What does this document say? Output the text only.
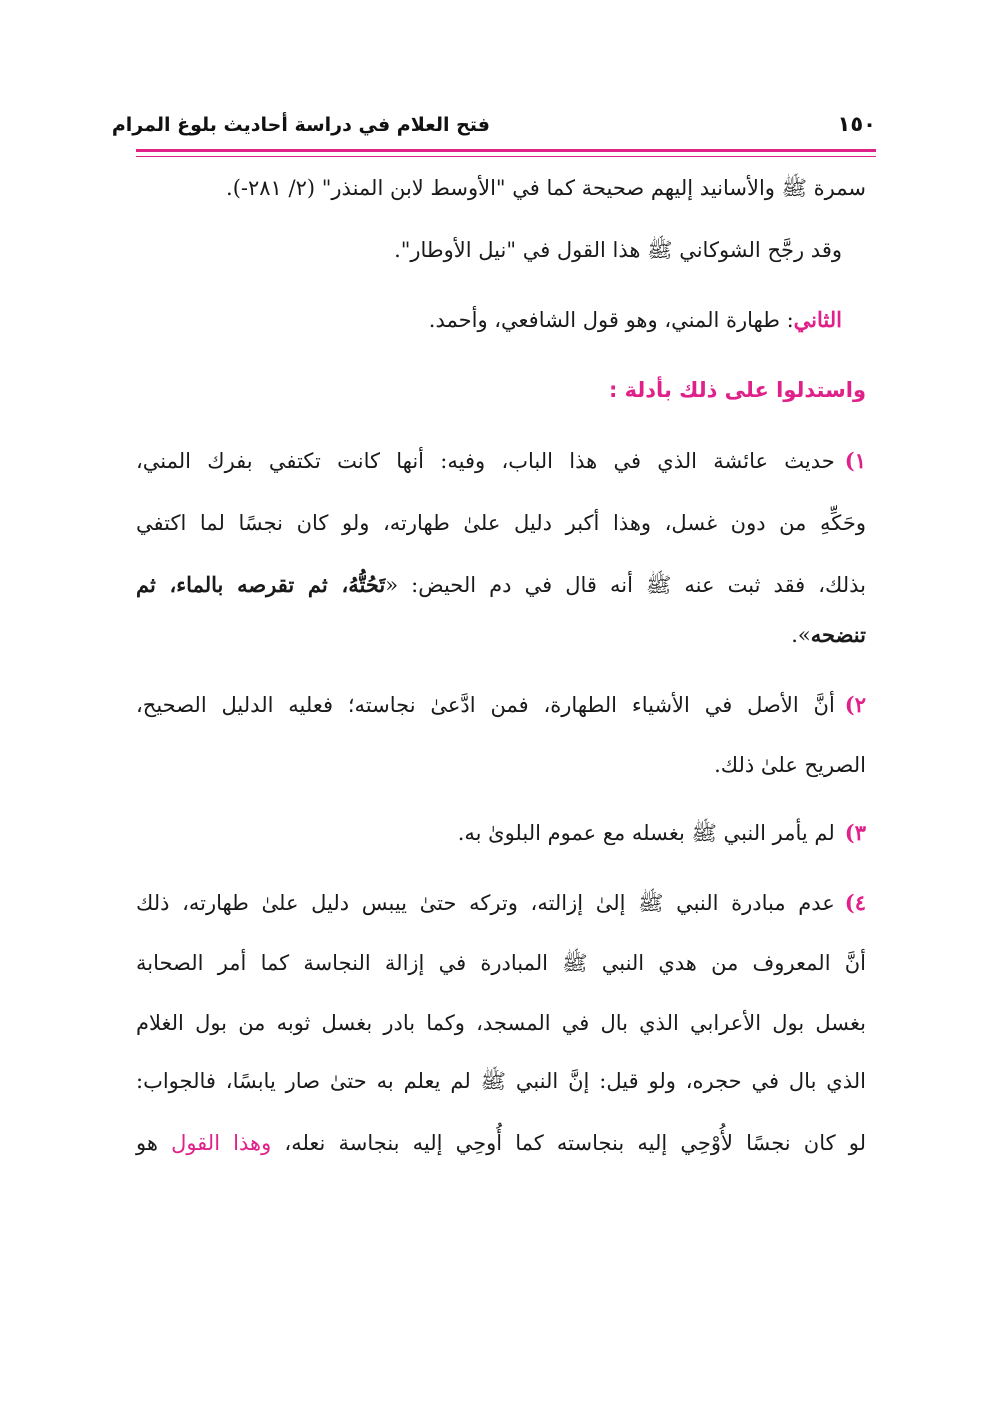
١٥٠
فتح العلام في دراسة أحاديث بلوغ المرام
سمرة ﷺ والأسانيد إليهم صحيحة كما في "الأوسط لابن المنذر" (٢/ ٢٨١-).
وقد رجَّح الشوكاني ﷺ هذا القول في "نيل الأوطار".
الثاني: طهارة المني، وهو قول الشافعي، وأحمد.
واستدلوا على ذلك بأدلة :
١)حديث عائشة الذي في هذا الباب، وفيه: أنها كانت تكتفي بفرك المني،
وحَكِّهِ من دون غسل، وهذا أكبر دليل علىٰ طهارته، ولو كان نجسًا لما اكتفي
بذلك، فقد ثبت عنه ﷺ أنه قال في دم الحيض: «تَحُتُّهُ، ثم تقرصه بالماء، ثم
تنضحه».
٢)أنَّ الأصل في الأشياء الطهارة، فمن ادَّعىٰ نجاسته؛ فعليه الدليل الصحيح،
الصريح علىٰ ذلك.
٣)لم يأمر النبي ﷺ بغسله مع عموم البلوىٰ به.
٤)عدم مبادرة النبي ﷺ إلىٰ إزالته، وتركه حتىٰ ييبس دليل علىٰ طهارته، ذلك
أنَّ المعروف من هدي النبي ﷺ المبادرة في إزالة النجاسة كما أمر الصحابة
بغسل بول الأعرابي الذي بال في المسجد، وكما بادر بغسل ثوبه من بول الغلام
الذي بال في حجره، ولو قيل: إنَّ النبي ﷺ لم يعلم به حتىٰ صار يابسًا، فالجواب:
لو كان نجسًا لأُوْحِي إليه بنجاسته كما أُوحِي إليه بنجاسة نعله، وهذا القول هو
